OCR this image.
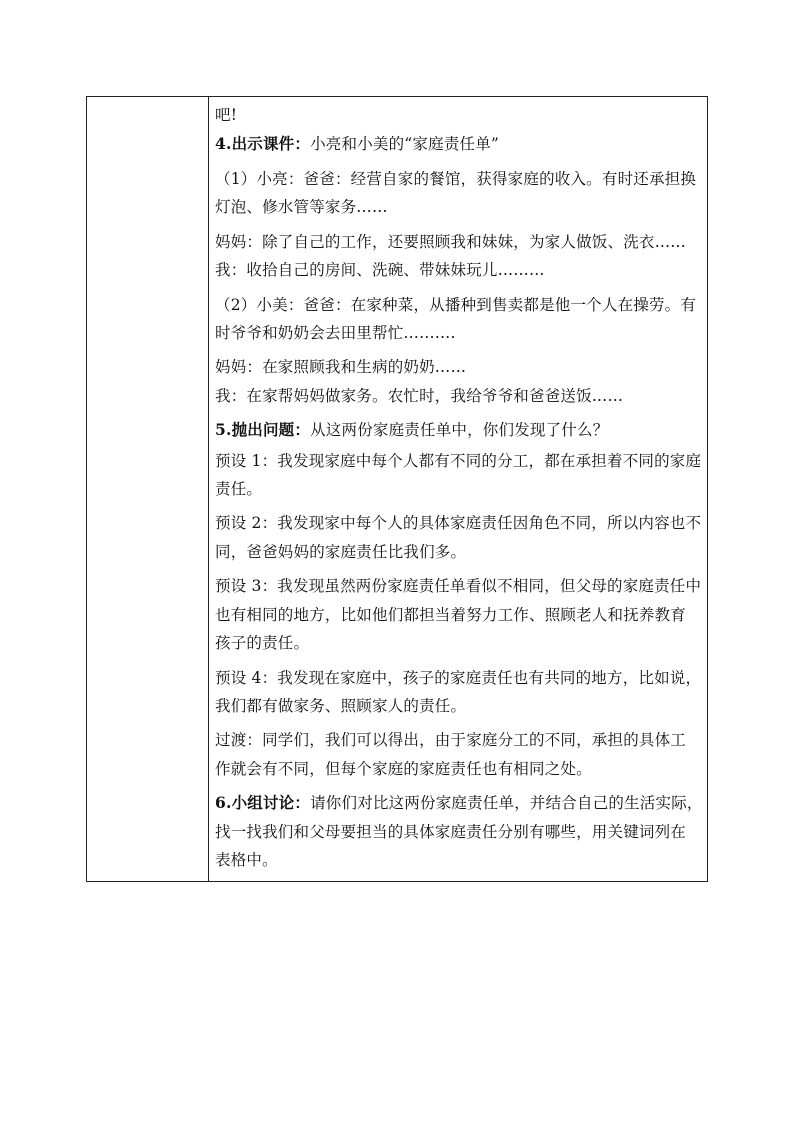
吧!
4.出示课件：小亮和小美的“家庭责任单”
（1）小亮：爸爸：经营自家的餐馆，获得家庭的收入。有时还承担换
灯泡、修水管等家务……
妈妈：除了自己的工作，还要照顾我和妹妹，为家人做饭、洗衣……
我：收拾自己的房间、洗碗、带妹妹玩儿………
（2）小美：爸爸：在家种菜，从播种到售卖都是他一个人在操劳。有
时爷爷和奶奶会去田里帮忙……….
妈妈：在家照顾我和生病的奶奶……
我：在家帮妈妈做家务。农忙时，我给爷爷和爸爸送饭……
5.抛出问题：从这两份家庭责任单中，你们发现了什么？
预设 1：我发现家庭中每个人都有不同的分工，都在承担着不同的家庭
责任。
预设 2：我发现家中每个人的具体家庭责任因角色不同，所以内容也不
同，爸爸妈妈的家庭责任比我们多。
预设 3：我发现虽然两份家庭责任单看似不相同，但父母的家庭责任中
也有相同的地方，比如他们都担当着努力工作、照顾老人和抚养教育
孩子的责任。
预设 4：我发现在家庭中，孩子的家庭责任也有共同的地方，比如说，
我们都有做家务、照顾家人的责任。
过渡：同学们，我们可以得出，由于家庭分工的不同，承担的具体工
作就会有不同，但每个家庭的家庭责任也有相同之处。
6.小组讨论：请你们对比这两份家庭责任单，并结合自己的生活实际，
找一找我们和父母要担当的具体家庭责任分别有哪些，用关键词列在
表格中。
